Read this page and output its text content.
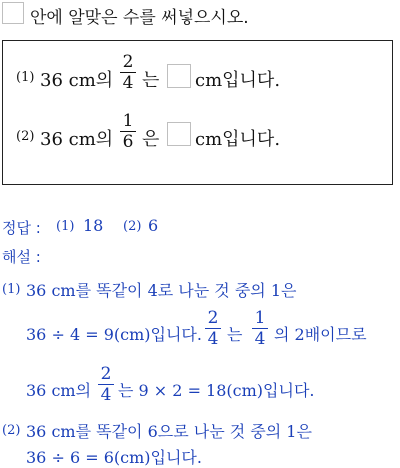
안에 알맞은 수를 써넣으시오.
(1) 36 cm의
2
4 는 cm입니다.
(2) 36 cm의
1
6 은 cm입니다.
정답 : (1) 18 (2) 6
해설 :
(1) 36 cm를 똑같이 4로 나눈 것 중의 1은
36 ÷ 4 = 9(cm)입니다.
2
4 는
1
4 의 2배이므로
36 cm의
2
4 는 9 × 2 = 18(cm)입니다.
(2) 36 cm를 똑같이 6으로 나눈 것 중의 1은
36 ÷ 6 = 6(cm)입니다.
